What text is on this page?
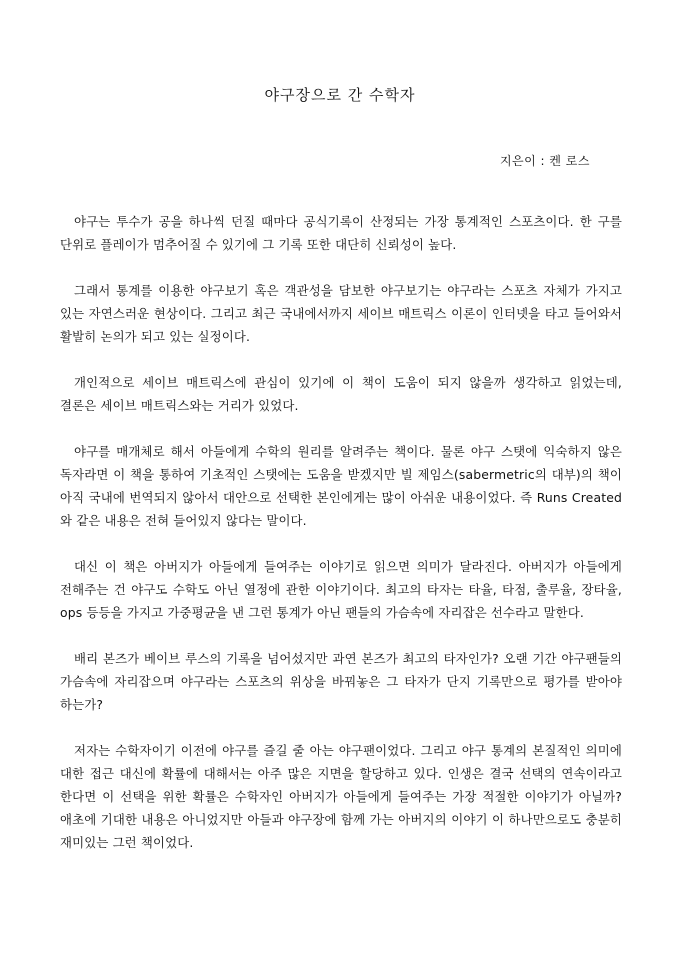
야구장으로 간 수학자

지은이 : 켄 로스

야구는 투수가 공을 하나씩 던질 때마다 공식기록이 산정되는 가장 통계적인 스포츠이다. 한 구를 단위로 플레이가 멈추어질 수 있기에 그 기록 또한 대단히 신뢰성이 높다.

그래서 통계를 이용한 야구보기 혹은 객관성을 담보한 야구보기는 야구라는 스포츠 자체가 가지고 있는 자연스러운 현상이다. 그리고 최근 국내에서까지 세이브 매트릭스 이론이 인터넷을 타고 들어와서 활발히 논의가 되고 있는 실정이다.

개인적으로 세이브 매트릭스에 관심이 있기에 이 책이 도움이 되지 않을까 생각하고 읽었는데, 결론은 세이브 매트릭스와는 거리가 있었다.

야구를 매개체로 해서 아들에게 수학의 원리를 알려주는 책이다. 물론 야구 스탯에 익숙하지 않은 독자라면 이 책을 통하여 기초적인 스탯에는 도움을 받겠지만 빌 제임스(sabermetric의 대부)의 책이 아직 국내에 번역되지 않아서 대안으로 선택한 본인에게는 많이 아쉬운 내용이었다. 즉 Runs Created 와 같은 내용은 전혀 들어있지 않다는 말이다.

대신 이 책은 아버지가 아들에게 들여주는 이야기로 읽으면 의미가 달라진다. 아버지가 아들에게 전해주는 건 야구도 수학도 아닌 열정에 관한 이야기이다. 최고의 타자는 타율, 타점, 출루율, 장타율, ops 등등을 가지고 가중평균을 낸 그런 통계가 아닌 팬들의 가슴속에 자리잡은 선수라고 말한다.

배리 본즈가 베이브 루스의 기록을 넘어섰지만 과연 본즈가 최고의 타자인가? 오랜 기간 야구팬들의 가슴속에 자리잡으며 야구라는 스포츠의 위상을 바꿔놓은 그 타자가 단지 기록만으로 평가를 받아야 하는가?

저자는 수학자이기 이전에 야구를 즐길 줄 아는 야구팬이었다. 그리고 야구 통계의 본질적인 의미에 대한 접근 대신에 확률에 대해서는 아주 많은 지면을 할당하고 있다. 인생은 결국 선택의 연속이라고 한다면 이 선택을 위한 확률은 수학자인 아버지가 아들에게 들여주는 가장 적절한 이야기가 아닐까? 애초에 기대한 내용은 아니었지만 아들과 야구장에 함께 가는 아버지의 이야기 이 하나만으로도 충분히 재미있는 그런 책이었다.
